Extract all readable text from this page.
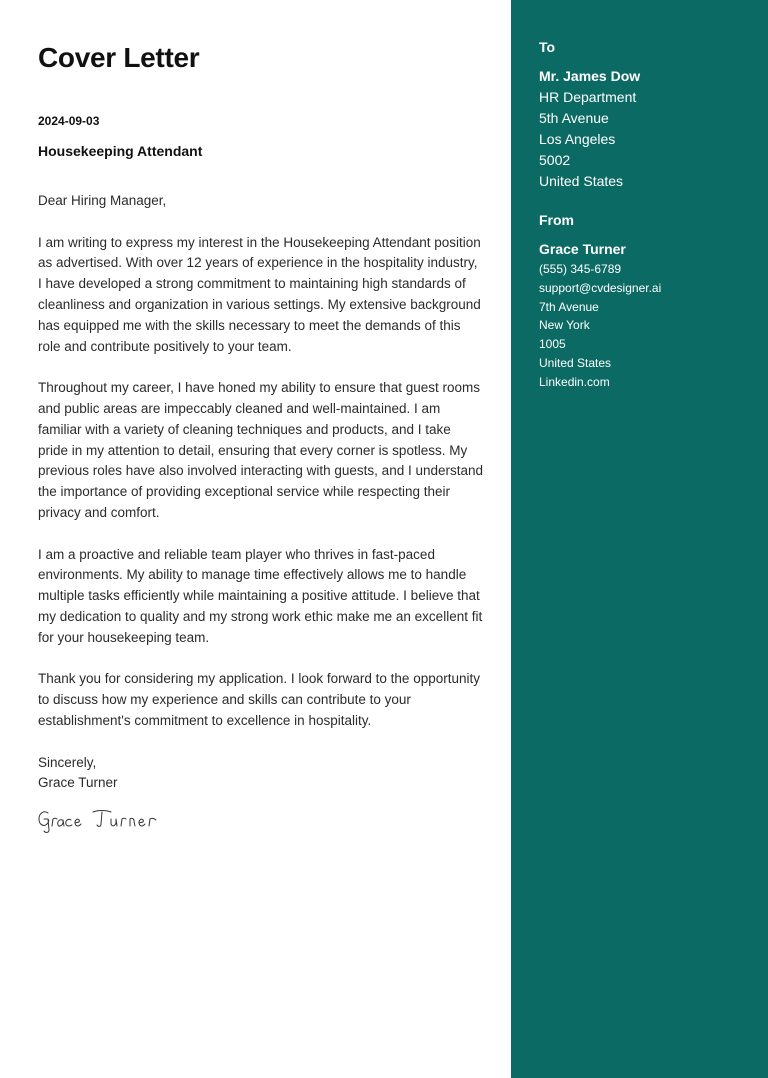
Cover Letter
2024-09-03
Housekeeping Attendant

Dear Hiring Manager,

I am writing to express my interest in the Housekeeping Attendant position as advertised. With over 12 years of experience in the hospitality industry, I have developed a strong commitment to maintaining high standards of cleanliness and organization in various settings. My extensive background has equipped me with the skills necessary to meet the demands of this role and contribute positively to your team.

Throughout my career, I have honed my ability to ensure that guest rooms and public areas are impeccably cleaned and well-maintained. I am familiar with a variety of cleaning techniques and products, and I take pride in my attention to detail, ensuring that every corner is spotless. My previous roles have also involved interacting with guests, and I understand the importance of providing exceptional service while respecting their privacy and comfort.

I am a proactive and reliable team player who thrives in fast-paced environments. My ability to manage time effectively allows me to handle multiple tasks efficiently while maintaining a positive attitude. I believe that my dedication to quality and my strong work ethic make me an excellent fit for your housekeeping team.

Thank you for considering my application. I look forward to the opportunity to discuss how my experience and skills can contribute to your establishment's commitment to excellence in hospitality.

Sincerely,
Grace Turner
To
Mr. James Dow
HR Department
5th Avenue
Los Angeles
5002
United States
From
Grace Turner
(555) 345-6789
support@cvdesigner.ai
7th Avenue
New York
1005
United States
Linkedin.com
